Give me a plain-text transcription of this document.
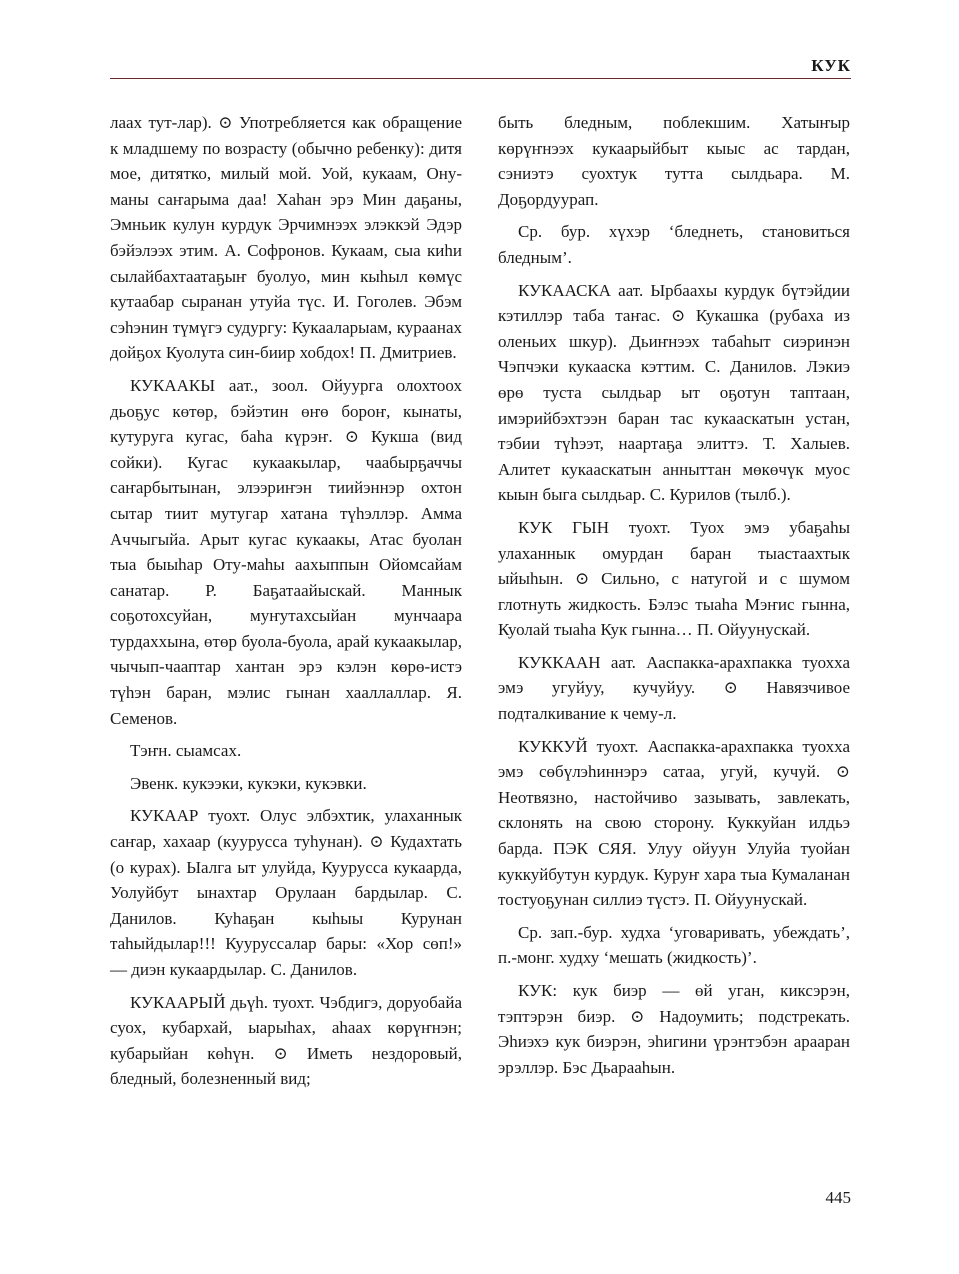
КУК

лаах тут-лар). ⊙ Употребляется как обращение к младшему по возрасту (обычно ребенку): дитя мое, дитятко, милый мой. Уой, кукаам, Ону-маны саҥарыма даа! Хаһан эрэ Мин даҕаны, Эмньик кулун курдук Эрчимнээх элэккэй Эдэр бэйэлээх этим. А. Софронов. Кукаам, сыа киһи сылайбахтаатаҕыҥ буолуо, мин кыһыл көмүс кутаабар сыранан утуйа түс. И. Гоголев. Эбэм сэһэнин түмүгэ судургу: Кукааларыам, кураанах дойҕох Куолута син-биир хобдох! П. Дмитриев.

КУКААКЫ аат., зоол. Ойуурга олохтоох дьоҕус көтөр, бэйэтин өҥө бороҥ, кынаты, кутуруга кугас, баһа күрэҥ. ⊙ Кукша (вид сойки). Кугас кукаакылар, чаабырҕаччы саҥарбытынан, элээриҥэн тиийэннэр охтон сытар тиит мутугар хатана түһэллэр. Амма Аччыгыйа. Арыт кугас кукаакы, Атас буолан тыа быыһар Оту-маһы аахыппын Ойомсайам санатар. Р. Баҕатаайыскай. Маннык соҕотохсуйан, муҥутахсыйан мунчаара турдаххына, өтөр буола-буола, арай кукаакылар, чычып-чааптар хантан эрэ кэлэн көрө-истэ түһэн баран, мэлис гынан хааллаллар. Я. Семенов.

Тэҥн. сыамсах.

Эвенк. кукээки, кукэки, кукэвки.

КУКААР туохт. Олус элбэхтик, улаханнык саҥар, хахаар (куурусса туһунан). ⊙ Кудахтать (о курах). Ыалга ыт улуйда, Куурусса кукаарда, Уолуйбут ынахтар Орулаан бардылар. С. Данилов. Куһаҕан кыһыы Курунан таһыйдылар!!! Кууруссалар бары: «Хор сөп!» — диэн кукаардылар. С. Данилов.

КУКААРЫЙ дьүһ. туохт. Чэбдигэ, доруобайа суох, кубархай, ыарыһах, аһаах көрүҥнэн; кубарыйан көһүн. ⊙ Иметь нездоровый, бледный, болезненный вид;

быть бледным, поблекшим. Хатыҥыр көрүҥнээх кукаарыйбыт кыыс ас тардан, сэниэтэ суохтук тутта сылдьара. М. Доҕордуурап.

Ср. бур. хүхэр ‘бледнеть, становиться бледным’.

КУКААСКА аат. Ырбаахы курдук бүтэйдии кэтиллэр таба таҥас. ⊙ Кукашка (рубаха из оленьих шкур). Дьиҥнээх табаһыт сиэринэн Чэпчэки кукааска кэттим. С. Данилов. Лэкиэ өрө туста сылдьар ыт оҕотун таптаан, имэрийбэхтээн баран тас кукааскатын устан, тэбии түһээт, наартаҕа элиттэ. Т. Халыев. Алитет кукааскатын анныттан мөкөчүк муос кыын быга сылдьар. С. Курилов (тылб.).

КУК ГЫН туохт. Туох эмэ убаҕаһы улаханнык омурдан баран тыастаахтык ыйыһын. ⊙ Сильно, с натугой и с шумом глотнуть жидкость. Бэлэс тыаһа Мэҥис гынна, Куолай тыаһа Кук гынна… П. Ойуунускай.

КУККААН аат. Ааспакка-арахпакка туохха эмэ угуйуу, кучуйуу. ⊙ Навязчивое подталкивание к чему-л.

КУККУЙ туохт. Ааспакка-арахпакка туохха эмэ сөбүлэһиннэрэ сатаа, угуй, кучуй. ⊙ Неотвязно, настойчиво зазывать, завлекать, склонять на свою сторону. Куккуйан илдьэ барда. ПЭК СЯЯ. Улуу ойуун Улуйа туойан куккуйбутун курдук. Куруҥ хара тыа Кумаланан тостуоҕунан силлиэ түстэ. П. Ойуунускай.

Ср. зап.-бур. худха ‘уговаривать, убеждать’, п.-монг. худху ‘мешать (жидкость)’.

КУК: кук биэр — өй уган, киксэрэн, тэптэрэн биэр. ⊙ Надоумить; подстрекать. Эһиэхэ кук биэрэн, эһигини үрэнтэбэн арааран эрэллэр. Бэс Дьарааһын.

445
